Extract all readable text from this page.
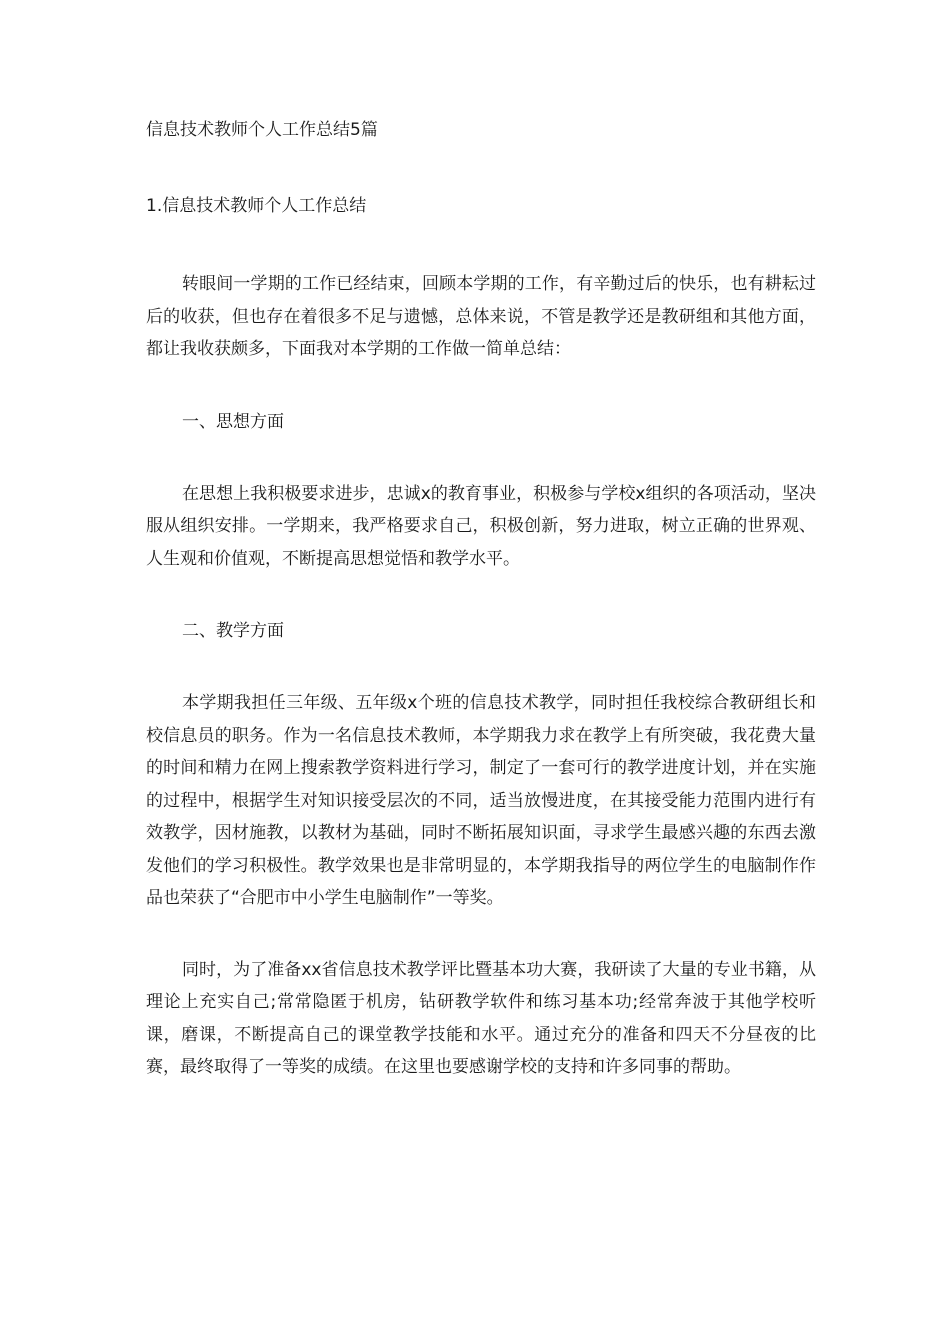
信息技术教师个人工作总结5篇
1.信息技术教师个人工作总结

转眼间一学期的工作已经结束，回顾本学期的工作，有辛勤过后的快乐，也有耕耘过后的收获，但也存在着很多不足与遗憾，总体来说，不管是教学还是教研组和其他方面，都让我收获颇多，下面我对本学期的工作做一简单总结：

一、思想方面

在思想上我积极要求进步，忠诚x的教育事业，积极参与学校x组织的各项活动，坚决服从组织安排。一学期来，我严格要求自己，积极创新，努力进取，树立正确的世界观、人生观和价值观，不断提高思想觉悟和教学水平。

二、教学方面

本学期我担任三年级、五年级x个班的信息技术教学，同时担任我校综合教研组长和校信息员的职务。作为一名信息技术教师，本学期我力求在教学上有所突破，我花费大量的时间和精力在网上搜索教学资料进行学习，制定了一套可行的教学进度计划，并在实施的过程中，根据学生对知识接受层次的不同，适当放慢进度，在其接受能力范围内进行有效教学，因材施教，以教材为基础，同时不断拓展知识面，寻求学生最感兴趣的东西去激发他们的学习积极性。教学效果也是非常明显的，本学期我指导的两位学生的电脑制作作品也荣获了“合肥市中小学生电脑制作”一等奖。

同时，为了准备xx省信息技术教学评比暨基本功大赛，我研读了大量的专业书籍，从理论上充实自己;常常隐匿于机房，钻研教学软件和练习基本功;经常奔波于其他学校听课，磨课，不断提高自己的课堂教学技能和水平。通过充分的准备和四天不分昼夜的比赛，最终取得了一等奖的成绩。在这里也要感谢学校的支持和许多同事的帮助。
